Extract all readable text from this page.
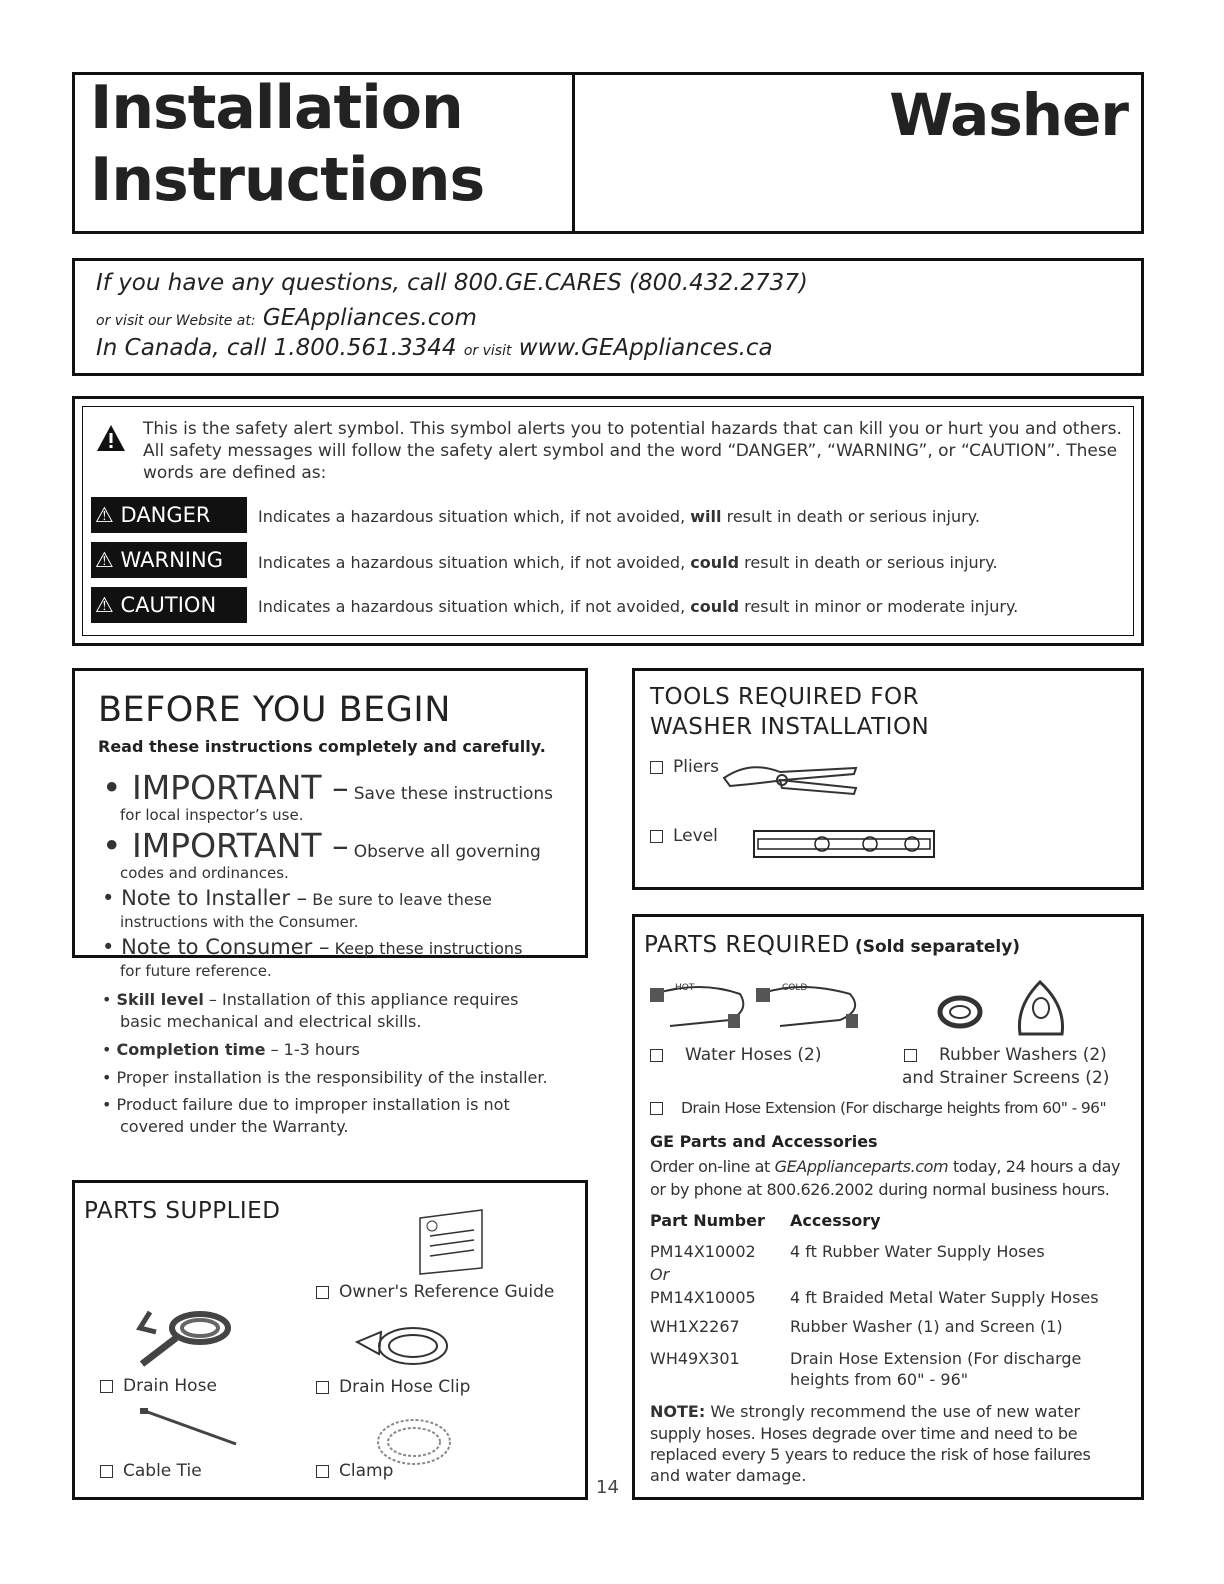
Installation
Instructions
Washer
If you have any questions, call 800.GE.CARES (800.432.2737)
or visit our Website at: GEAppliances.com
In Canada, call 1.800.561.3344 or visit www.GEAppliances.ca
This is the safety alert symbol. This symbol alerts you to potential hazards that can kill you or hurt you and others. All safety messages will follow the safety alert symbol and the word “DANGER”, “WARNING”, or “CAUTION”. These words are defined as:
⚠ DANGER	Indicates a hazardous situation which, if not avoided, will result in death or serious injury.
⚠ WARNING	Indicates a hazardous situation which, if not avoided, could result in death or serious injury.
⚠ CAUTION	Indicates a hazardous situation which, if not avoided, could result in minor or moderate injury.
BEFORE YOU BEGIN
Read these instructions completely and carefully.
• IMPORTANT – Save these instructions
for local inspector’s use.
• IMPORTANT – Observe all governing
codes and ordinances.
• Note to Installer – Be sure to leave these
instructions with the Consumer.
• Note to Consumer – Keep these instructions
for future reference.
• Skill level – Installation of this appliance requires
basic mechanical and electrical skills.
• Completion time – 1-3 hours
• Proper installation is the responsibility of the installer.
• Product failure due to improper installation is not
covered under the Warranty.
PARTS SUPPLIED
Owner's Reference Guide
Drain Hose	Drain Hose Clip
Cable Tie	Clamp
14
TOOLS REQUIRED FOR
WASHER INSTALLATION
Pliers
Level
PARTS REQUIRED (Sold separately)
HOT	COLD
Water Hoses (2)	Rubber Washers (2)
and Strainer Screens (2)
Drain Hose Extension (For discharge heights from 60" - 96"
GE Parts and Accessories
Order on-line at GEApplianceparts.com today, 24 hours a day
or by phone at 800.626.2002 during normal business hours.
Part Number Accessory
PM14X10002 4 ft Rubber Water Supply Hoses
Or
PM14X10005 4 ft Braided Metal Water Supply Hoses
WH1X2267	Rubber Washer (1) and Screen (1)
WH49X301	Drain Hose Extension (For discharge
heights from 60" - 96"
NOTE: We strongly recommend the use of new water
supply hoses. Hoses degrade over time and need to be
replaced every 5 years to reduce the risk of hose failures
and water damage.
